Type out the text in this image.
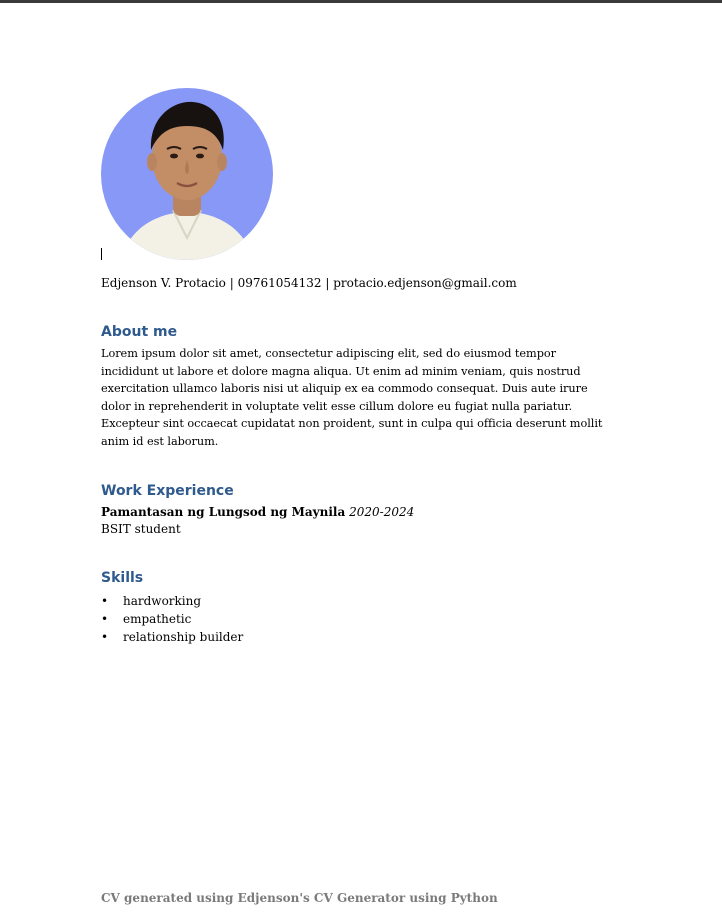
Edjenson V. Protacio | 09761054132 | protacio.edjenson@gmail.com
About me
Lorem ipsum dolor sit amet, consectetur adipiscing elit, sed do eiusmod tempor incididunt ut labore et dolore magna aliqua. Ut enim ad minim veniam, quis nostrud exercitation ullamco laboris nisi ut aliquip ex ea commodo consequat. Duis aute irure dolor in reprehenderit in voluptate velit esse cillum dolore eu fugiat nulla pariatur. Excepteur sint occaecat cupidatat non proident, sunt in culpa qui officia deserunt mollit anim id est laborum.
Work Experience
Pamantasan ng Lungsod ng Maynila 2020-2024
BSIT student
Skills
• hardworking
• empathetic
• relationship builder
CV generated using Edjenson's CV Generator using Python
